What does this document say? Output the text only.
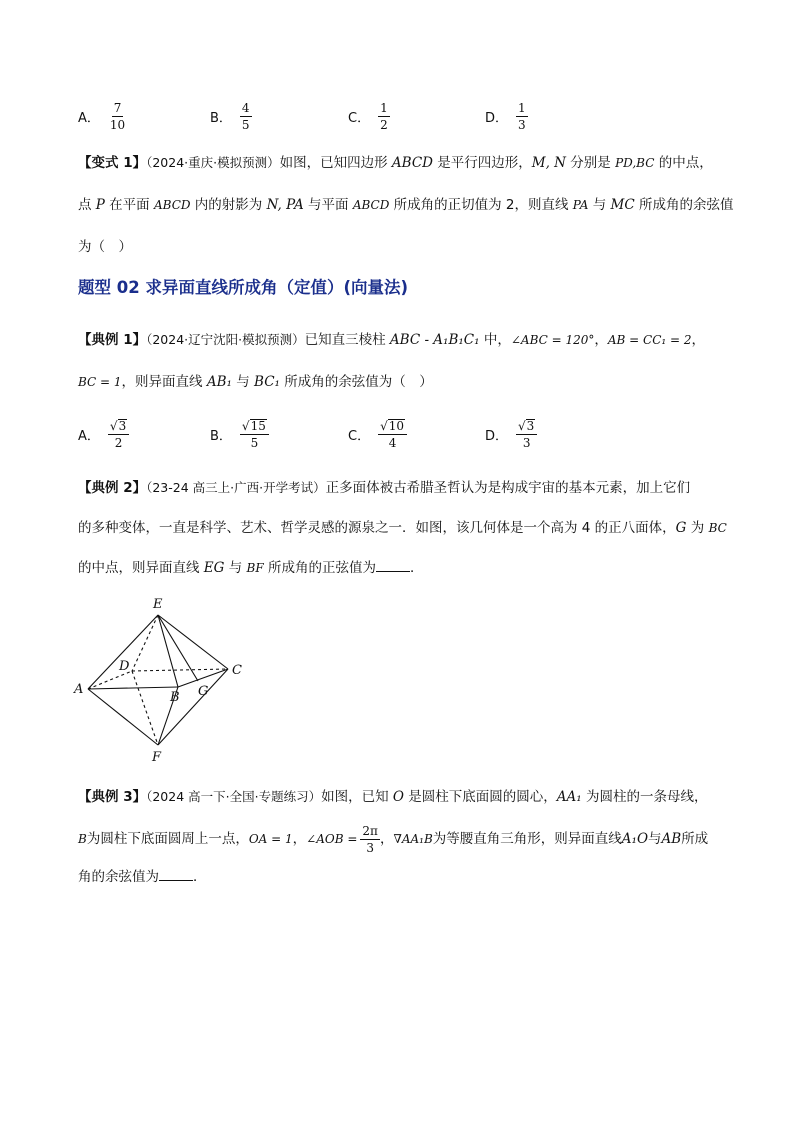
A． $\frac{7}{10}$	B． $\frac{4}{5}$	C． $\frac{1}{2}$	D． $\frac{1}{3}$
【变式 1】（2024·重庆·模拟预测）如图，已知四边形 ABCD 是平行四边形，M, N 分别是 PD,BC 的中点，
点 P 在平面 ABCD 内的射影为 N, PA 与平面 ABCD 所成角的正切值为 2，则直线 PA 与 MC 所成角的余弦值
为（　）
题型 02 求异面直线所成角（定值）(向量法)
【典例 1】（2024·辽宁沈阳·模拟预测）已知直三棱柱 ABC - A₁B₁C₁ 中，∠ABC = 120°，AB = CC₁ = 2，
BC = 1，则异面直线 AB₁ 与 BC₁ 所成角的余弦值为（　）
A． $\frac{√ 3}{2}$	B． $\frac{√ 15}{5}$	C． $\frac{√ 10}{4}$	D． $\frac{√ 3}{3}$
【典例 2】（23-24 高三上·广西·开学考试）正多面体被古希腊圣哲认为是构成宇宙的基本元素，加上它们
的多种变体，一直是科学、艺术、哲学灵感的源泉之一．如图，该几何体是一个高为 4 的正八面体，G 为 BC
的中点，则异面直线 EG 与 BF 所成角的正弦值为	．
E
D	C
A
B G
F
【典例 3】（2024 高一下·全国·专题练习）如图，已知 O 是圆柱下底面圆的圆心，AA₁ 为圆柱的一条母线，
B 为圆柱下底面圆周上一点， OA = 1 ， ∠AOB = $\frac{2\pi}{3}$ ， ∇AA₁B 为等腰直角三角形，则异面直线 A₁O 与 AB 所成
角的余弦值为	．
